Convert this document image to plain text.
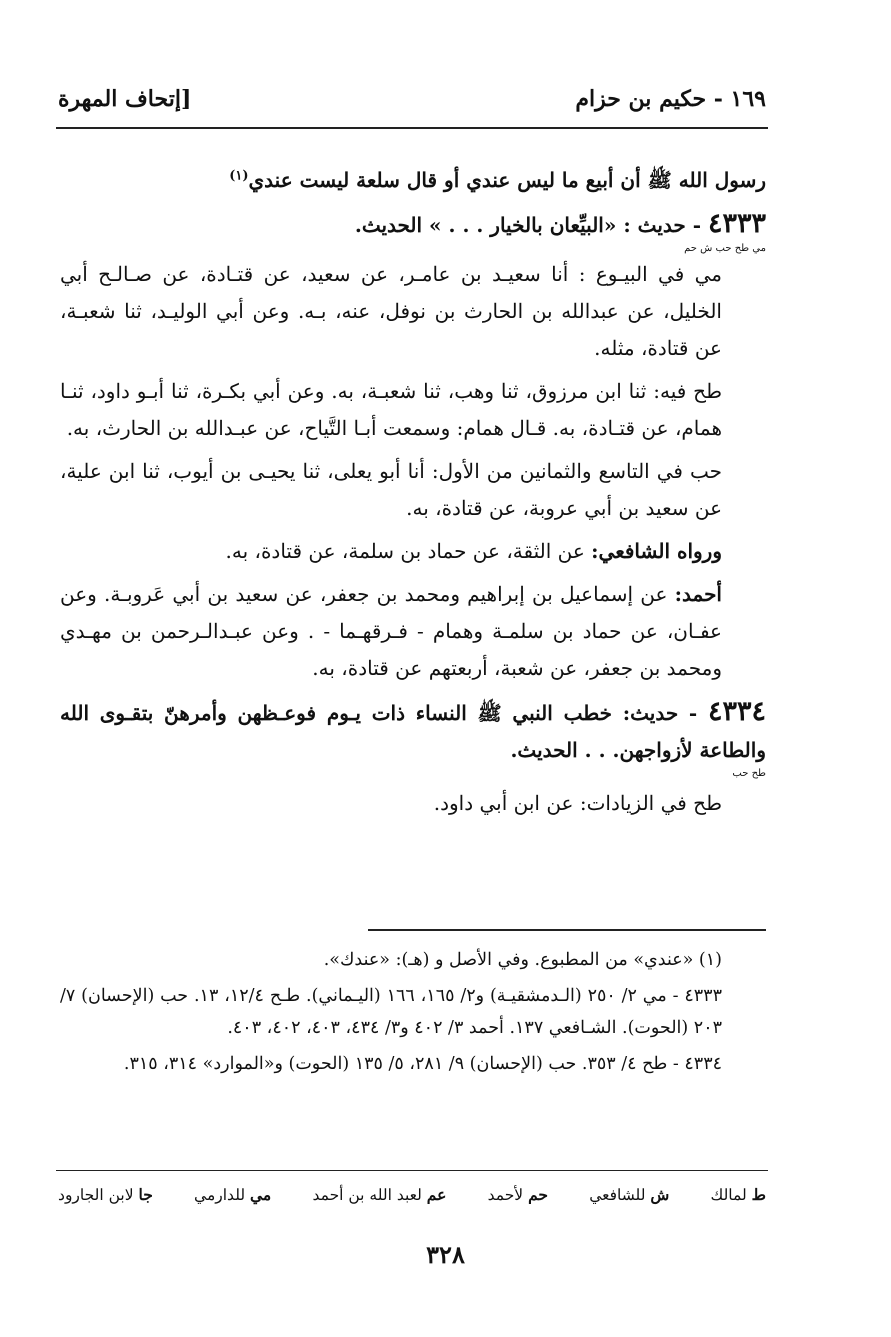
١٦٩ - حكيم بن حزام
[إتحاف المهرة

رسول الله ﷺ أن أبيع ما ليس عندي أو قال سلعة ليست عندي$^{(١)}$

٤٣٣٣ - حديث : «البيِّعان بالخيار . . . » الحديث.

مي طح حب ش حم

مي في البيـوع : أنا سعيـد بن عامـر، عن سعيد، عن قتـادة، عن صـالـح أبي الخليل، عن عبدالله بن الحارث بن نوفل، عنه، بـه. وعن أبي الوليـد، ثنا شعبـة، عن قتادة، مثله.

طح فيه: ثنا ابن مرزوق، ثنا وهب، ثنا شعبـة، به. وعن أبي بكـرة، ثنا أبـو داود، ثنـا همام، عن قتـادة، به. قـال همام: وسمعت أبـا التَّياح، عن عبـدالله بن الحارث، به.

حب في التاسع والثمانين من الأول: أنا أبو يعلى، ثنا يحيـى بن أيوب، ثنا ابن علية، عن سعيد بن أبي عروبة، عن قتادة، به.

ورواه الشافعي: عن الثقة، عن حماد بن سلمة، عن قتادة، به.

أحمد: عن إسماعيل بن إبراهيم ومحمد بن جعفر، عن سعيد بن أبي عَروبـة. وعن عفـان، عن حماد بن سلمـة وهمام - فـرقهـما - . وعن عبـدالـرحمن بن مهـدي ومحمد بن جعفر، عن شعبة، أربعتهم عن قتادة، به.

٤٣٣٤ - حديث: خطب النبي ﷺ النساء ذات يـوم فوعـظهن وأمرهنّ بتقـوى الله والطاعة لأزواجهن. . . الحديث.

طح حب

طح في الزيادات: عن ابن أبي داود.

(١) «عندي» من المطبوع. وفي الأصل و (هـ): «عندك».

٤٣٣٣ - مي ٢/ ٢٥٠ (الـدمشقيـة) و٢/ ١٦٥، ١٦٦ (اليـماني). طـح ١٢/٤، ١٣. حب (الإحسان) ٧/ ٢٠٣ (الحوت). الشـافعي ١٣٧. أحمد ٣/ ٤٠٢ و٣/ ٤٣٤، ٤٠٣، ٤٠٢، ٤٠٣.

٤٣٣٤ - طح ٤/ ٣٥٣. حب (الإحسان) ٩/ ٢٨١، ٥/ ١٣٥ (الحوت) و«الموارد» ٣١٤، ٣١٥.

ط لمالك
ش للشافعي
حم لأحمد
عم لعبد الله بن أحمد
مي للدارمي
جا لابن الجارود
٣٢٨
